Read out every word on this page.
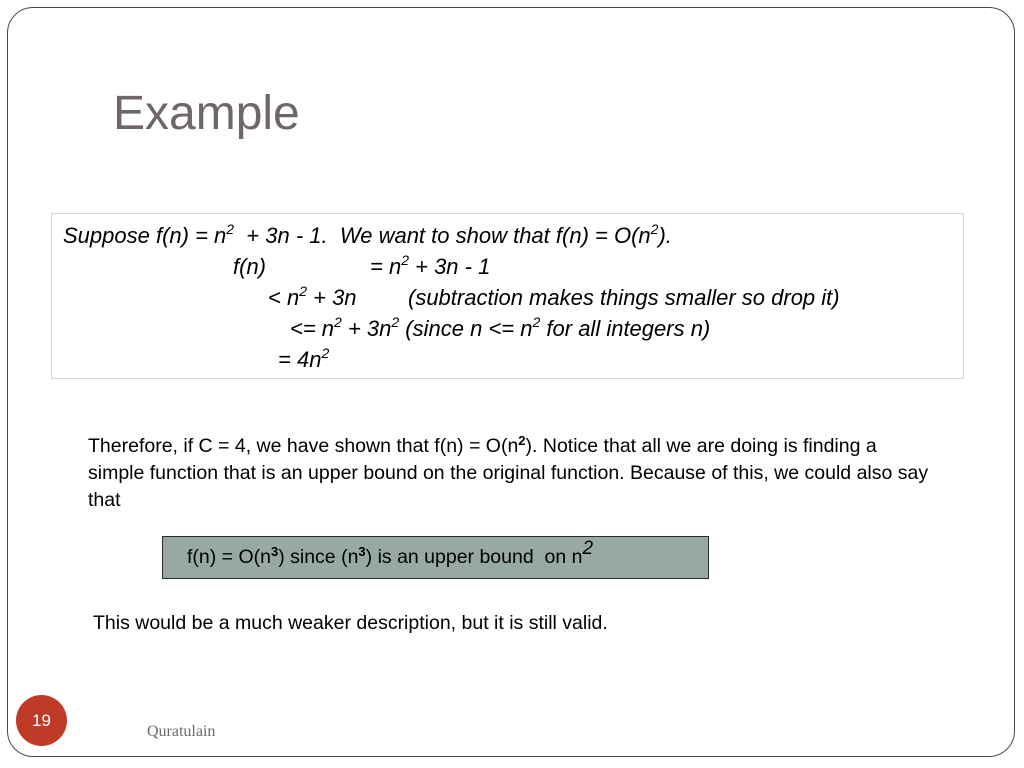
Example
Suppose $f(n) = n^2 + 3n - 1$.  We want to show that $f(n) = O(n^2)$.
f(n)	= $n^2 + 3n - 1$
< $n^2 + 3n$ (subtraction makes things smaller so drop it)
<= $n^2 + 3n^2$ (since $n <= n^2$ for all integers n)
= $4n^2$
Therefore, if C = 4, we have shown that $f(n) = O(n^2)$. Notice that all we are doing is finding a simple function that is an upper bound on the original function. Because of this, we could also say that
$f(n) = O(n^3)$ since $(n^3)$ is an upper bound  on $n^2$
This would be a much weaker description, but it is still valid.
19
Quratulain
